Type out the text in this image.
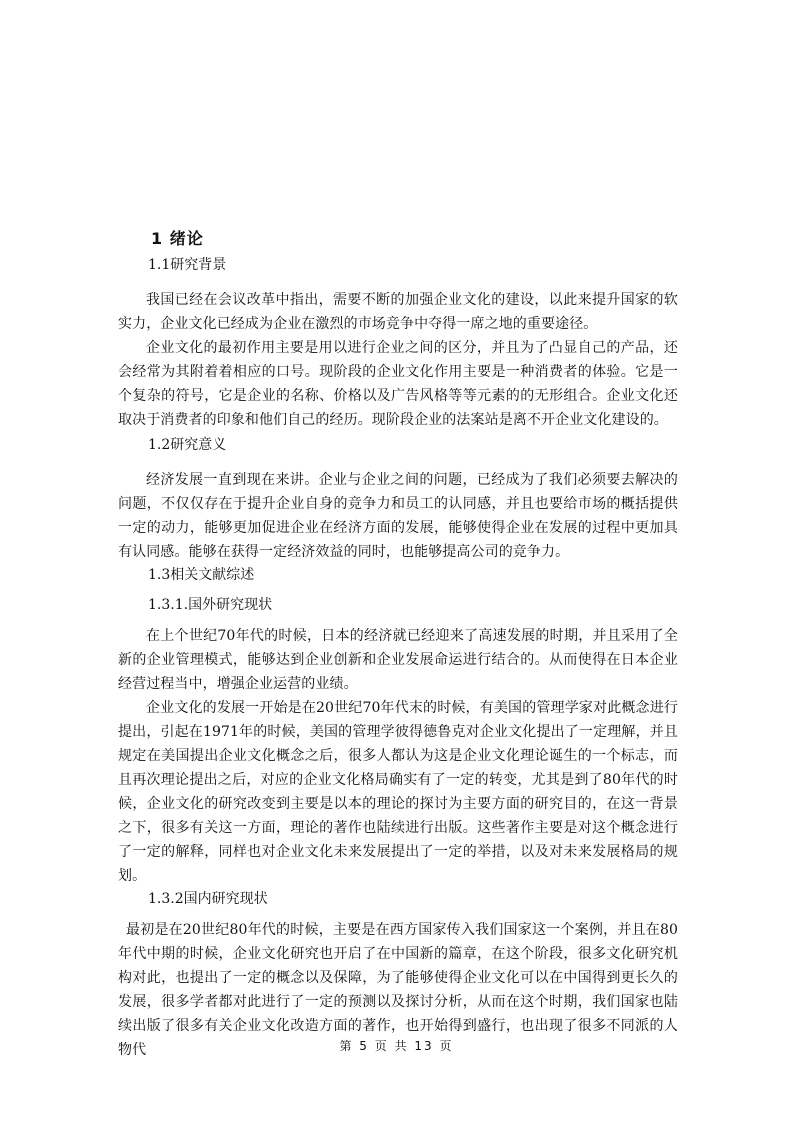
1 绪论
1.1研究背景

我国已经在会议改革中指出，需要不断的加强企业文化的建设，以此来提升国家的软实力，企业文化已经成为企业在激烈的市场竞争中夺得一席之地的重要途径。

企业文化的最初作用主要是用以进行企业之间的区分，并且为了凸显自己的产品，还会经常为其附着着相应的口号。现阶段的企业文化作用主要是一种消费者的体验。它是一个复杂的符号，它是企业的名称、价格以及广告风格等等元素的的无形组合。企业文化还取决于消费者的印象和他们自己的经历。现阶段企业的法案站是离不开企业文化建设的。

1.2研究意义

经济发展一直到现在来讲。企业与企业之间的问题，已经成为了我们必须要去解决的问题，不仅仅存在于提升企业自身的竞争力和员工的认同感，并且也要给市场的概括提供一定的动力，能够更加促进企业在经济方面的发展，能够使得企业在发展的过程中更加具有认同感。能够在获得一定经济效益的同时，也能够提高公司的竞争力。

1.3相关文献综述
1.3.1.国外研究现状

在上个世纪70年代的时候，日本的经济就已经迎来了高速发展的时期，并且采用了全新的企业管理模式，能够达到企业创新和企业发展命运进行结合的。从而使得在日本企业经营过程当中，增强企业运营的业绩。

企业文化的发展一开始是在20世纪70年代末的时候，有美国的管理学家对此概念进行提出，引起在1971年的时候，美国的管理学彼得德鲁克对企业文化提出了一定理解，并且规定在美国提出企业文化概念之后，很多人都认为这是企业文化理论诞生的一个标志，而且再次理论提出之后，对应的企业文化格局确实有了一定的转变，尤其是到了80年代的时候，企业文化的研究改变到主要是以本的理论的探讨为主要方面的研究目的，在这一背景之下，很多有关这一方面，理论的著作也陆续进行出版。这些著作主要是对这个概念进行了一定的解释，同样也对企业文化未来发展提出了一定的举措，以及对未来发展格局的规划。

1.3.2国内研究现状

最初是在20世纪80年代的时候，主要是在西方国家传入我们国家这一个案例，并且在80年代中期的时候，企业文化研究也开启了在中国新的篇章，在这个阶段，很多文化研究机构对此，也提出了一定的概念以及保障，为了能够使得企业文化可以在中国得到更长久的发展，很多学者都对此进行了一定的预测以及探讨分析，从而在这个时期，我们国家也陆续出版了很多有关企业文化改造方面的著作，也开始得到盛行，也出现了很多不同派的人物代	第 5 页 共 13 页
